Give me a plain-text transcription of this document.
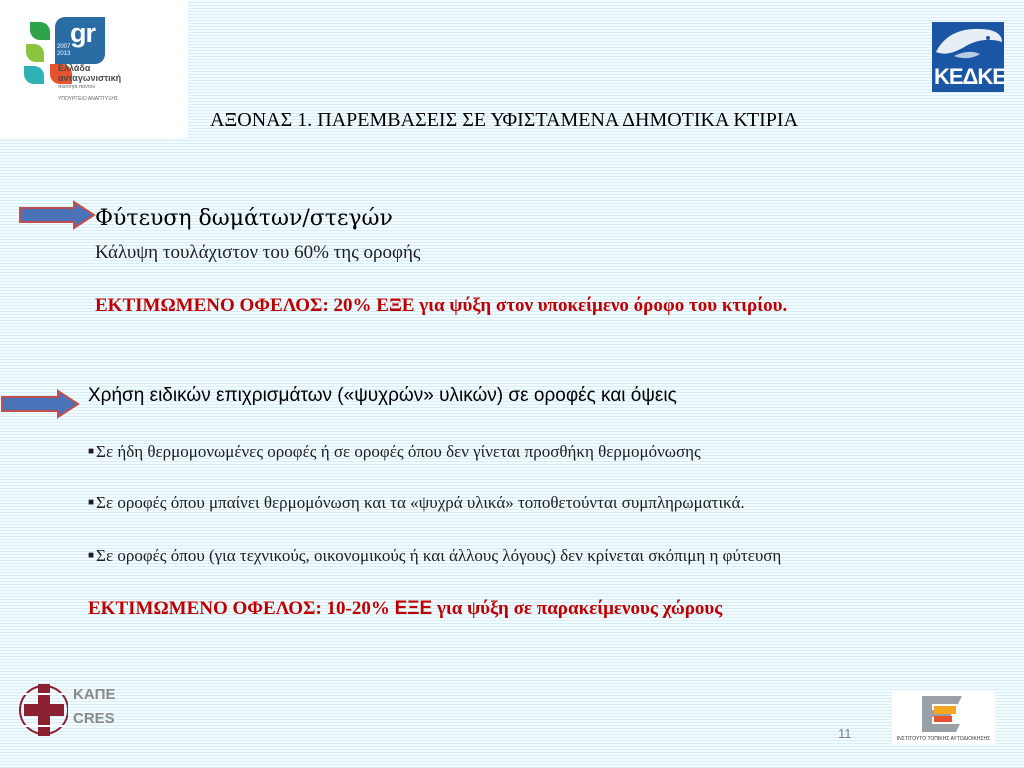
gr
2007
2013
Ελλάδα
ανταγωνιστική
ποιότητα παντού
ΥΠΟΥΡΓΕΙΟ ΑΝΑΠΤΥΞΗΣ
ΚΕΔΚΕ
ΑΞΟΝΑΣ 1. ΠΑΡΕΜΒΑΣΕΙΣ ΣΕ ΥΦΙΣΤΑΜΕΝΑ ΔΗΜΟΤΙΚΑ ΚΤΙΡΙΑ
Φύτευση δωμάτων/στεγών
Κάλυψη τουλάχιστον του 60% της οροφής
ΕΚΤΙΜΩΜΕΝΟ ΟΦΕΛΟΣ: 20% ΕΞΕ για ψύξη στον υποκείμενο όροφο του κτιρίου.
Χρήση ειδικών επιχρισμάτων («ψυχρών» υλικών) σε οροφές και όψεις
■ Σε ήδη θερμομονωμένες οροφές ή σε οροφές όπου δεν γίνεται προσθήκη θερμομόνωσης
■ Σε οροφές όπου μπαίνει θερμομόνωση και τα «ψυχρά υλικά» τοποθετούνται συμπληρωματικά.
■ Σε οροφές όπου (για τεχνικούς, οικονομικούς ή και άλλους λόγους) δεν κρίνεται σκόπιμη η φύτευση
ΕΚΤΙΜΩΜΕΝΟ ΟΦΕΛΟΣ: 10-20% ΕΞΕ για ψύξη σε παρακείμενους χώρους
ΚΑΠΕ
CRES
ΙΝΣΤΙΤΟΥΤΟ ΤΟΠΙΚΗΣ ΑΥΤΟΔΙΟΙΚΗΣΗΣ
11
